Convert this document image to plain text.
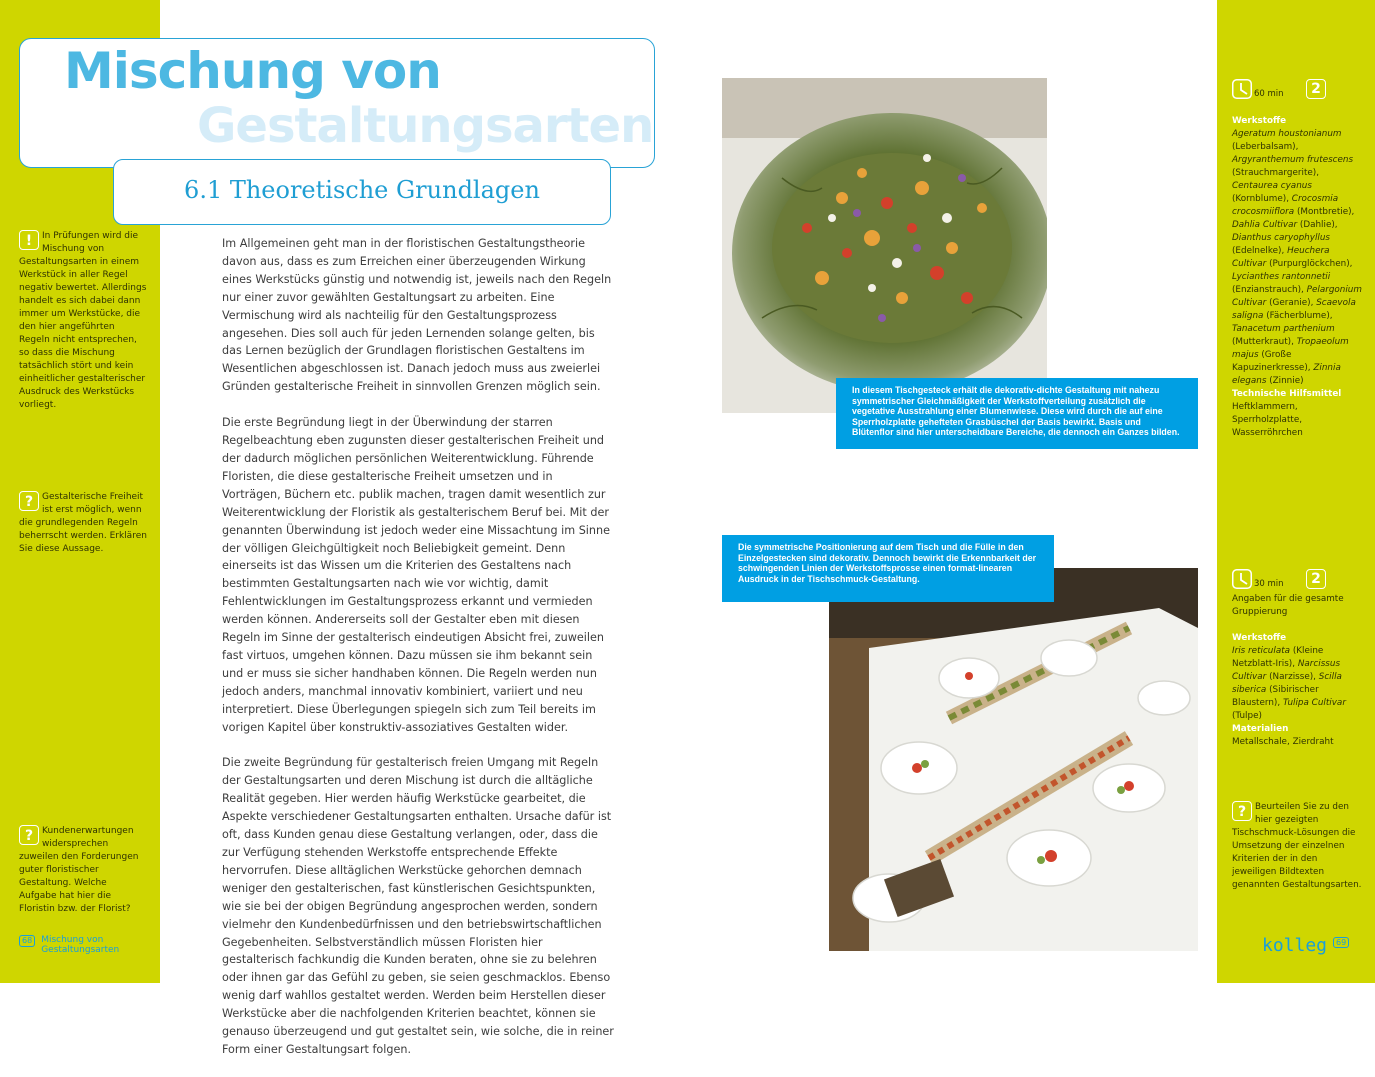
Mischung von
Gestaltungsarten
6.1 Theoretische Grundlagen

Im Allgemeinen geht man in der floristischen Gestaltungstheorie davon aus, dass es zum Erreichen einer überzeugenden Wirkung eines Werkstücks günstig und notwendig ist, jeweils nach den Regeln nur einer zuvor gewählten Gestaltungsart zu arbeiten. Eine Vermischung wird als nachteilig für den Gestaltungsprozess angesehen. Dies soll auch für jeden Lernenden solange gelten, bis das Lernen bezüglich der Grundlagen floristischen Gestaltens im Wesentlichen abgeschlossen ist. Danach jedoch muss aus zweierlei Gründen gestalterische Freiheit in sinnvollen Grenzen möglich sein.

Die erste Begründung liegt in der Überwindung der starren Regelbeachtung eben zugunsten dieser gestalterischen Freiheit und der dadurch möglichen persönlichen Weiterentwicklung. Führende Floristen, die diese gestalterische Freiheit umsetzen und in Vorträgen, Büchern etc. publik machen, tragen damit wesentlich zur Weiterentwicklung der Floristik als gestalterischem Beruf bei. Mit der genannten Überwindung ist jedoch weder eine Missachtung im Sinne der völligen Gleichgültigkeit noch Beliebigkeit gemeint. Denn einerseits ist das Wissen um die Kriterien des Gestaltens nach bestimmten Gestaltungsarten nach wie vor wichtig, damit Fehlentwicklungen im Gestaltungsprozess erkannt und vermieden werden können. Andererseits soll der Gestalter eben mit diesen Regeln im Sinne der gestalterisch eindeutigen Absicht frei, zuweilen fast virtuos, umgehen können. Dazu müssen sie ihm bekannt sein und er muss sie sicher handhaben können. Die Regeln werden nun jedoch anders, manchmal innovativ kombiniert, variiert und neu interpretiert. Diese Überlegungen spiegeln sich zum Teil bereits im vorigen Kapitel über konstruktiv-assoziatives Gestalten wider.

Die zweite Begründung für gestalterisch freien Umgang mit Regeln der Gestaltungsarten und deren Mischung ist durch die alltägliche Realität gegeben. Hier werden häufig Werkstücke gearbeitet, die Aspekte verschiedener Gestaltungsarten enthalten. Ursache dafür ist oft, dass Kunden genau diese Gestaltung verlangen, oder, dass die zur Verfügung stehenden Werkstoffe entsprechende Effekte hervorrufen. Diese alltäglichen Werkstücke gehorchen demnach weniger den gestalterischen, fast künstlerischen Gesichtspunkten, wie sie bei der obigen Begründung angesprochen werden, sondern vielmehr den Kundenbedürfnissen und den betriebswirtschaftlichen Gegebenheiten. Selbstverständlich müssen Floristen hier gestalterisch fachkundig die Kunden beraten, ohne sie zu belehren oder ihnen gar das Gefühl zu geben, sie seien geschmacklos. Ebenso wenig darf wahllos gestaltet werden. Werden beim Herstellen dieser Werkstücke aber die nachfolgenden Kriterien beachtet, können sie genauso überzeugend und gut gestaltet sein, wie solche, die in reiner Form einer Gestaltungsart folgen.

!	In Prüfungen wird die Mischung von Gestaltungsarten in einem Werkstück in aller Regel negativ bewertet. Allerdings handelt es sich dabei dann immer um Werkstücke, die den hier angeführten Regeln nicht entsprechen, so dass die Mischung tatsächlich stört und kein einheitlicher gestalterischer Ausdruck des Werkstücks vorliegt.
? Gestalterische Freiheit ist erst möglich, wenn die grundlegenden Regeln beherrscht werden. Erklären Sie diese Aussage.
? Kundenerwartungen widersprechen zuweilen den Forderungen guter floristischer Gestaltung. Welche Aufgabe hat hier die Floristin bzw. der Florist?
68 Mischung von
Gestaltungsarten	kolleg 69
In diesem Tischgesteck erhält die dekorativ-dichte Gestaltung mit nahezu symmetrischer Gleichmäßigkeit der Werkstoffverteilung zusätzlich die vegetative Ausstrahlung einer Blumenwiese. Diese wird durch die auf eine Sperrholzplatte gehefteten Grasbüschel der Basis bewirkt. Basis und Blütenflor sind hier unterscheidbare Bereiche, die dennoch ein Ganzes bilden.
Die symmetrische Positionierung auf dem Tisch und die Fülle in den Einzelgestecken sind dekorativ. Dennoch bewirkt die Erkennbarkeit der schwingenden Linien der Werkstoffsprosse einen format-linearen Ausdruck in der Tischschmuck-Gestaltung.
60 min	2
Werkstoffe
Ageratum houstonianum (Leberbalsam), Argyranthemum frutescens (Strauchmargerite), Centaurea cyanus (Kornblume), Crocosmia crocosmiiflora (Montbretie), Dahlia Cultivar (Dahlie), Dianthus caryophyllus (Edelnelke), Heuchera Cultivar (Purpurglöckchen), Lycianthes rantonnetii (Enzianstrauch), Pelargonium Cultivar (Geranie), Scaevola saligna (Fächerblume), Tanacetum parthenium (Mutterkraut), Tropaeolum majus (Große Kapuzinerkresse), Zinnia elegans (Zinnie)
Technische Hilfsmittel
Heftklammern, Sperrholzplatte, Wasserröhrchen
30 min	2
Angaben für die gesamte Gruppierung

Werkstoffe
Iris reticulata (Kleine Netzblatt-Iris), Narcissus Cultivar (Narzisse), Scilla siberica (Sibirischer Blaustern), Tulipa Cultivar (Tulpe)
Materialien
Metallschale, Zierdraht
?	Beurteilen Sie zu den hier gezeigten Tischschmuck-Lösungen die Umsetzung der einzelnen Kriterien der in den jeweiligen Bildtexten genannten Gestaltungsarten.
